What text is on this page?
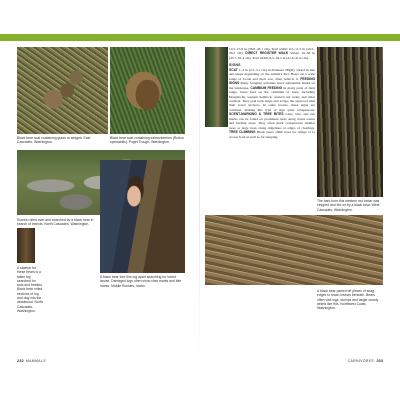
Black bear scat containing grass or sedges. East Cascades, Washington.
Black bear scat containing salmonberries (Rubus spectabilis). Puget Trough, Washington.
Stones rolled over and searched by a black bear in search of insects. North Cascades, Washington.
A sidebar for these bears is a fallen log searched for ants and beetles. Black bear rolled sections of log and dug into the deadwood. North Cascades, Washington.
A black bear tore this log apart searching for insect larvae. Damaged logs often show claw marks and bite marks. Middle Rockies, Idaho.
232 MAMMALS

14.5–15.8 in (36.8–40.1 cm). Trail width: 6.5–11.5 in (16.5–29.2 cm). DIRECT REGISTER WALK Stride: 18–36 in (45.7–91.4 cm). Trail width: 8.5–16.5 in (21.6–41.9 cm).

SIGNS

SCAT 1–2 in (2.5–5.1 cm) in diameter. Highly varied in size and shape depending on the animal's diet. Bears eat a wide range of foods and their scat often reflects it. FEEDING SIGNS Many foraging activities leave substantial marks on the landscape. CAMBIUM FEEDING In many parts of their range, bears feed on the cambium of trees, including Douglas-fir, western hemlock, western red cedar, and other conifers. They peel bark strips and scrape the sapwood with their lower incisors. In some forests, these signs are common, making this type of sign quite conspicuous. SCENT-MARKING & TREE BITES Claw, bite, and rub marks can be found on prominent trees along travel routes and feeding areas. They often mark conspicuous smaller trees or large trees along ridgelines or edges of clearings. TREE CLIMBING Black bears climb trees for refuge or to access food as well as for sleeping.

The bark from this western red cedar was stripped and fed on by a black bear. West Cascades, Washington.
A black bear pawed off pieces of snag edges to reach insects beneath. Bears often visit logs, stumps and larger woody debris like this. Northwest Coast, Washington.
CARNIVORES 233
